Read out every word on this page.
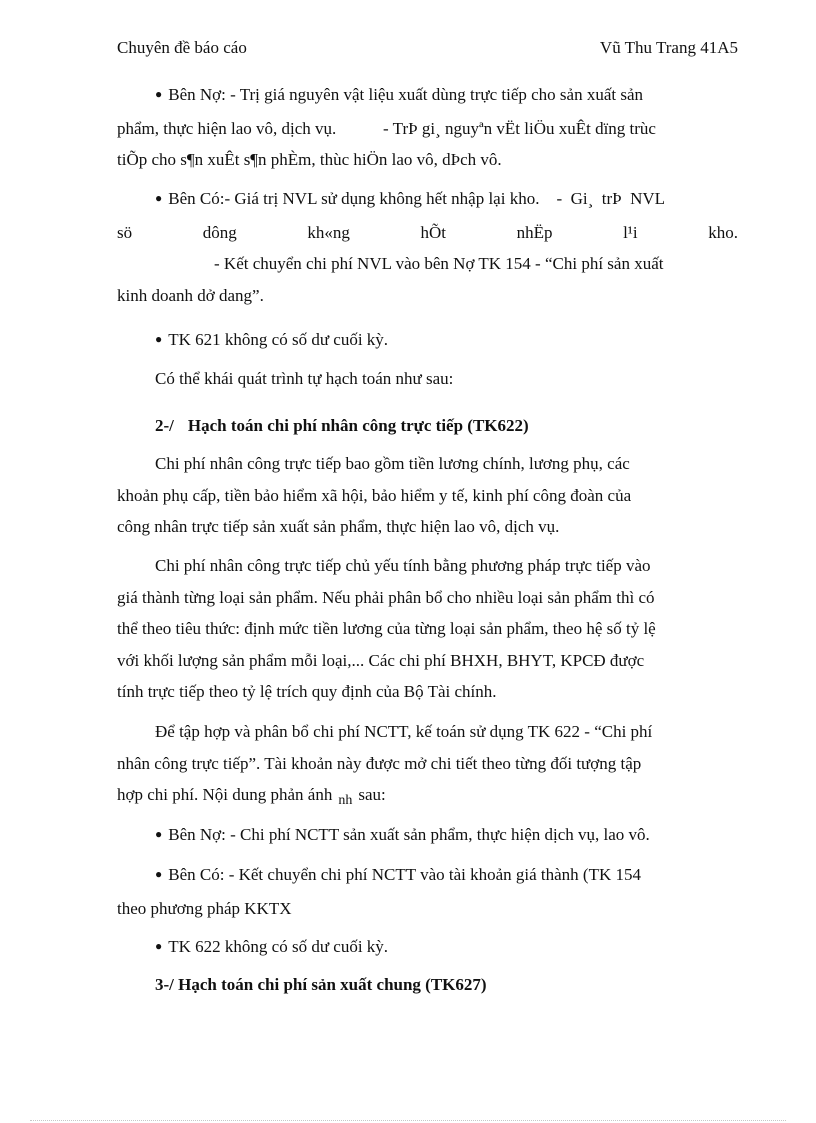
Chuyên đề báo cáo	Vũ Thu Trang 41A5
● Bên Nợ: - Trị giá nguyên vật liệu xuất dùng trực tiếp cho sản xuất sản
phẩm, thực hiện lao vô, dịch vụ.           - TrÞ gi¸ nguyªn vËt liÖu xuÊt dïng trùc
tiÕp cho s¶n xuÊt s¶n phÈm, thùc hiÖn lao vô, dÞch vô.
● Bên Có:- Giá trị NVL sử dụng không hết nhập lại kho.    -  Gi¸  trÞ  NVL
sö	dông	kh«ng	hÕt	nhËp	l¹i	kho.
- Kết chuyển chi phí NVL vào bên Nợ TK 154 - “Chi phí sản xuất
kinh doanh dở dang”.
● TK 621 không có số dư cuối kỳ.
Có thể khái quát trình tự hạch toán như sau:
2-/ Hạch toán chi phí nhân công trực tiếp (TK622)
Chi phí nhân công trực tiếp bao gồm tiền lương chính, lương phụ, các
khoản phụ cấp, tiền bảo hiểm xã hội, bảo hiểm y tế, kinh phí công đoàn của
công nhân trực tiếp sản xuất sản phẩm, thực hiện lao vô, dịch vụ.
Chi phí nhân công trực tiếp chủ yếu tính bằng phương pháp trực tiếp vào
giá thành từng loại sản phẩm. Nếu phải phân bổ cho nhiều loại sản phẩm thì có
thể theo tiêu thức: định mức tiền lương của từng loại sản phẩm, theo hệ số tỷ lệ
với khối lượng sản phẩm mỗi loại,... Các chi phí BHXH, BHYT, KPCĐ được
tính trực tiếp theo tỷ lệ trích quy định của Bộ Tài chính.
Để tập hợp và phân bổ chi phí NCTT, kế toán sử dụng TK 622 - “Chi phí
nhân công trực tiếp”. Tài khoản này được mở chi tiết theo từng đối tượng tập
hợp chi phí. Nội dung phản ánh $_{nh}$ sau:
● Bên Nợ: - Chi phí NCTT sản xuất sản phẩm, thực hiện dịch vụ, lao vô.
● Bên Có: - Kết chuyển chi phí NCTT vào tài khoản giá thành (TK 154
theo phương pháp KKTX
● TK 622 không có số dư cuối kỳ.
3-/ Hạch toán chi phí sản xuất chung (TK627)
